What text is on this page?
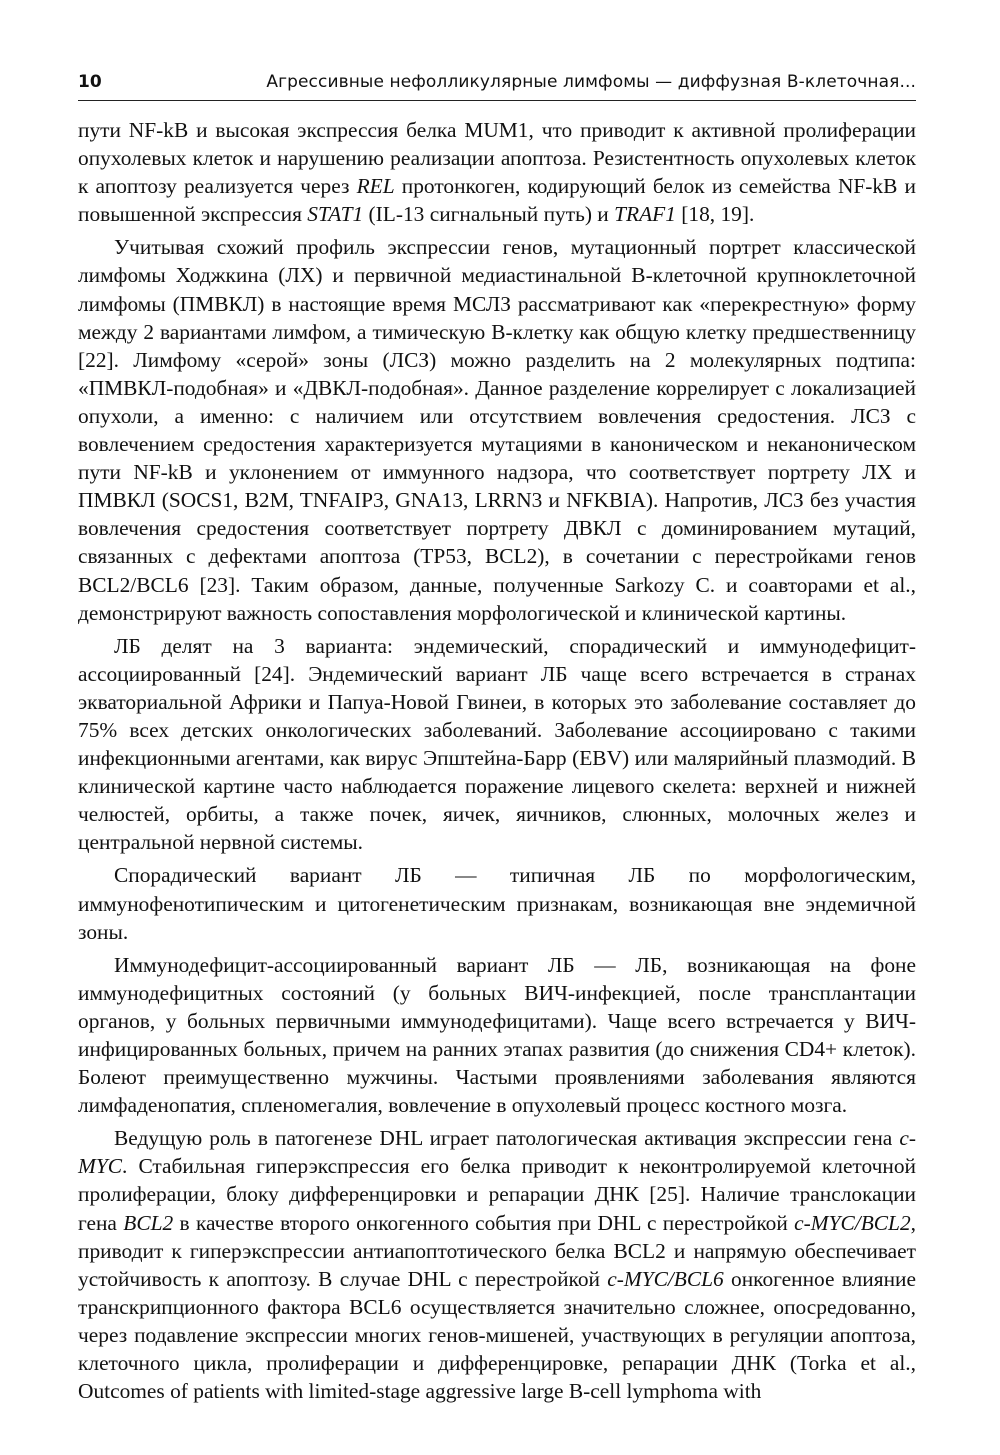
10	Агрессивные нефолликулярные лимфомы — диффузная В-клеточная...

пути NF-kB и высокая экспрессия белка MUM1, что приводит к активной пролиферации опухолевых клеток и нарушению реализации апоптоза. Резистентность опухолевых клеток к апоптозу реализуется через REL протонкоген, кодирующий белок из семейства NF-kB и повышенной экспрессия STAT1 (IL-13 сигнальный путь) и TRAF1 [18, 19].

Учитывая схожий профиль экспрессии генов, мутационный портрет классической лимфомы Ходжкина (ЛХ) и первичной медиастинальной В-клеточной крупноклеточной лимфомы (ПМВКЛ) в настоящие время МСЛЗ рассматривают как «перекрестную» форму между 2 вариантами лимфом, а тимическую В-клетку как общую клетку предшественницу [22]. Лимфому «серой» зоны (ЛСЗ) можно разделить на 2 молекулярных подтипа: «ПМВКЛ-подобная» и «ДВКЛ-подобная». Данное разделение коррелирует с локализацией опухоли, а именно: с наличием или отсутствием вовлечения средостения. ЛСЗ с вовлечением средостения характеризуется мутациями в каноническом и неканоническом пути NF-kB и уклонением от иммунного надзора, что соответствует портрету ЛХ и ПМВКЛ (SOCS1, B2M, TNFAIP3, GNA13, LRRN3 и NFKBIA). Напротив, ЛСЗ без участия вовлечения средостения соответствует портрету ДВКЛ с доминированием мутаций, связанных с дефектами апоптоза (TP53, BCL2), в сочетании с перестройками генов BCL2/BCL6 [23]. Таким образом, данные, полученные Sarkozy C. и соавторами et al., демонстрируют важность сопоставления морфологической и клинической картины.

ЛБ делят на 3 варианта: эндемический, спорадический и иммунодефицит-ассоциированный [24]. Эндемический вариант ЛБ чаще всего встречается в странах экваториальной Африки и Папуа-Новой Гвинеи, в которых это заболевание составляет до 75% всех детских онкологических заболеваний. Заболевание ассоциировано с такими инфекционными агентами, как вирус Эпштейна-Барр (EBV) или малярийный плазмодий. В клинической картине часто наблюдается поражение лицевого скелета: верхней и нижней челюстей, орбиты, а также почек, яичек, яичников, слюнных, молочных желез и центральной нервной системы.

Спорадический вариант ЛБ — типичная ЛБ по морфологическим, иммунофенотипическим и цитогенетическим признакам, возникающая вне эндемичной зоны.

Иммунодефицит-ассоциированный вариант ЛБ — ЛБ, возникающая на фоне иммунодефицитных состояний (у больных ВИЧ-инфекцией, после трансплантации органов, у больных первичными иммунодефицитами). Чаще всего встречается у ВИЧ-инфицированных больных, причем на ранних этапах развития (до снижения CD4+ клеток). Болеют преимущественно мужчины. Частыми проявлениями заболевания являются лимфаденопатия, спленомегалия, вовлечение в опухолевый процесс костного мозга.

Ведущую роль в патогенезе DHL играет патологическая активация экспрессии гена c-MYC. Стабильная гиперэкспрессия его белка приводит к неконтролируемой клеточной пролиферации, блоку дифференцировки и репарации ДНК [25]. Наличие транслокации гена BCL2 в качестве второго онкогенного события при DHL с перестройкой c-MYC/BCL2, приводит к гиперэкспрессии антиапоптотического белка BCL2 и напрямую обеспечивает устойчивость к апоптозу. В случае DHL с перестройкой c-MYC/BCL6 онкогенное влияние транскрипционного фактора BCL6 осуществляется значительно сложнее, опосредованно, через подавление экспрессии многих генов-мишеней, участвующих в регуляции апоптоза, клеточного цикла, пролиферации и дифференцировке, репарации ДНК (Torka et al., Outcomes of patients with limited-stage aggressive large B-cell lymphoma with
